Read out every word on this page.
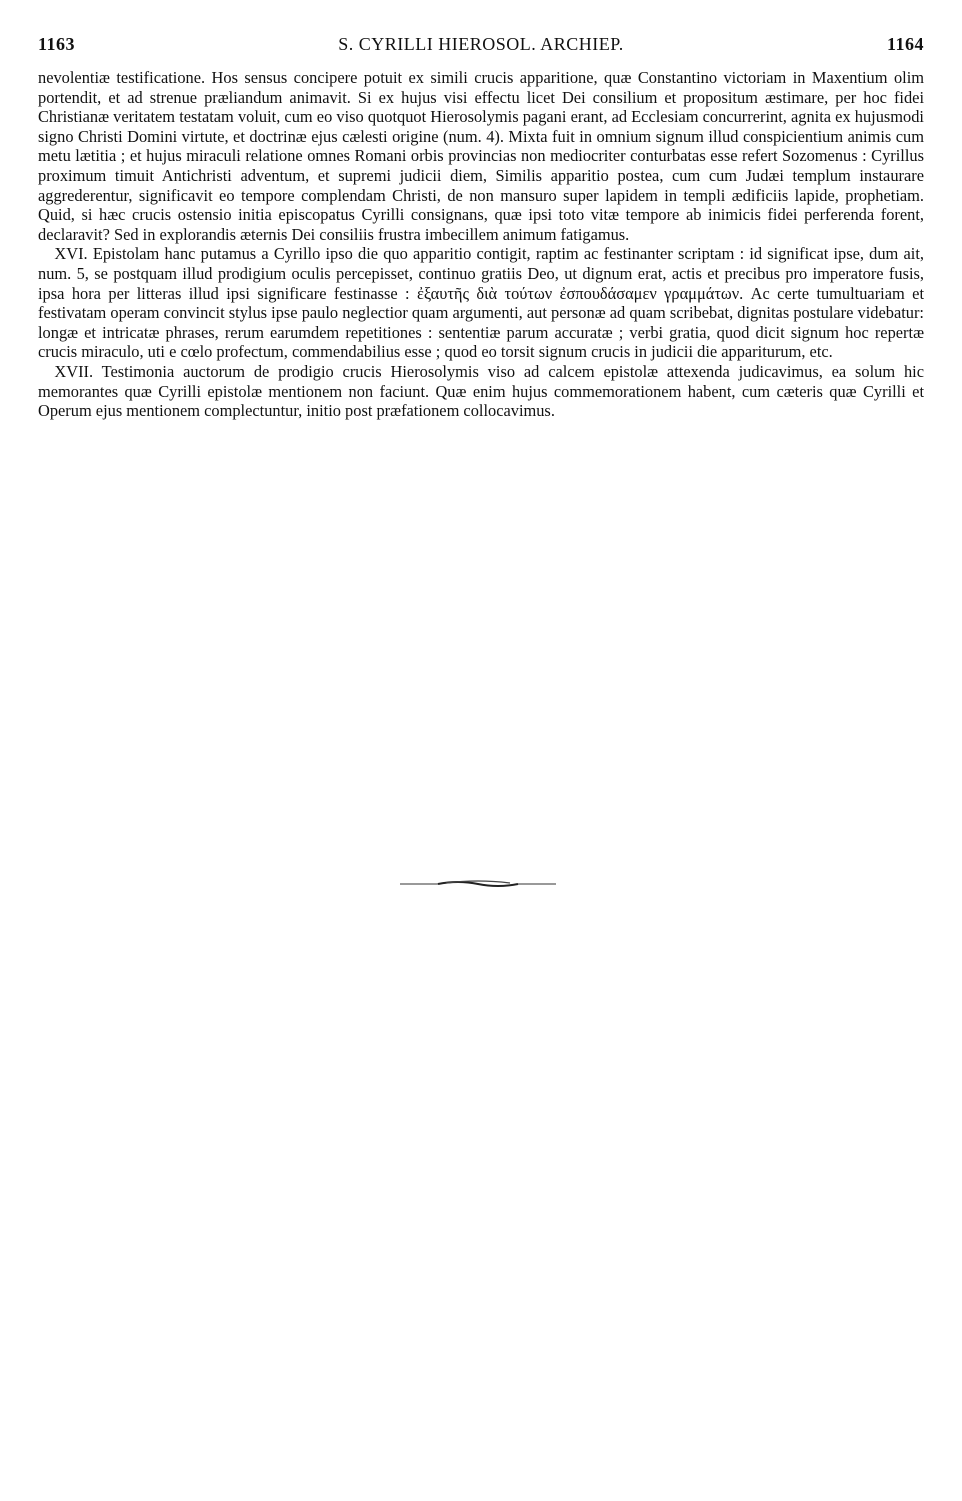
1163	S. CYRILLI HIEROSOL. ARCHIEP.	1164

nevolentiæ testificatione. Hos sensus concipere potuit ex simili crucis apparitione, quæ Constantino victoriam in Maxentium olim portendit, et ad strenue præliandum animavit. Si ex hujus visi effectu licet Dei consilium et propositum æstimare, per hoc fidei Christianæ veritatem testatam voluit, cum eo viso quotquot Hierosolymis pagani erant, ad Ecclesiam concurrerint, agnita ex hujusmodi signo Christi Domini virtute, et doctrinæ ejus cælesti origine (num. 4). Mixta fuit in omnium signum illud conspicientium animis cum metu lætitia ; et hujus miraculi relatione omnes Romani orbis provincias non mediocriter conturbatas esse refert Sozomenus : Cyrillus proximum timuit Antichristi adventum, et supremi judicii diem, Similis apparitio postea, cum cum Judæi templum instaurare aggrederentur, significavit eo tempore complendam Christi, de non mansuro super lapidem in templi ædificiis lapide, prophetiam. Quid, si hæc crucis ostensio initia episcopatus Cyrilli consignans, quæ ipsi toto vitæ tempore ab inimicis fidei perferenda forent, declaravit? Sed in explorandis æternis Dei consiliis frustra imbecillem animum fatigamus.

 XVI. Epistolam hanc putamus a Cyrillo ipso die quo apparitio contigit, raptim ac festinanter scriptam : id significat ipse, dum ait, num. 5, se postquam illud prodigium oculis percepisset, continuo gratiis Deo, ut dignum erat, actis et precibus pro imperatore fusis, ipsa hora per litteras illud ipsi significare festinasse : ἐξαυτῆς διὰ τούτων ἐσπουδάσαμεν γραμμάτων. Ac certe tumultuariam et festivatam operam convincit stylus ipse paulo neglectior quam argumenti, aut personæ ad quam scribebat, dignitas postulare videbatur: longæ et intricatæ phrases, rerum earumdem repetitiones : sententiæ parum accuratæ ; verbi gratia, quod dicit signum hoc repertæ crucis miraculo, uti e cœlo profectum, commendabilius esse ; quod eo torsit signum crucis in judicii die appariturum, etc.

 XVII. Testimonia auctorum de prodigio crucis Hierosolymis viso ad calcem epistolæ attexenda judicavimus, ea solum hic memorantes quæ Cyrilli epistolæ mentionem non faciunt. Quæ enim hujus commemorationem habent, cum cæteris quæ Cyrilli et Operum ejus mentionem complectuntur, initio post præfationem collocavimus.
